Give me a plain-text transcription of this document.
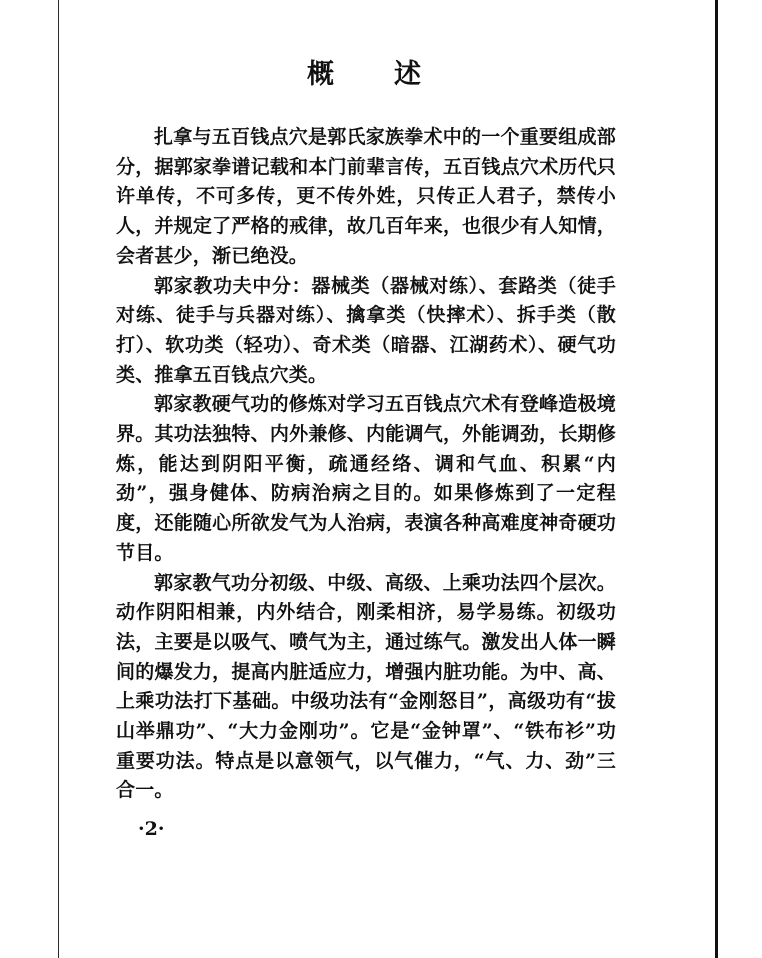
概 述

扎拿与五百钱点穴是郭氏家族拳术中的一个重要组成部分，据郭家拳谱记载和本门前辈言传，五百钱点穴术历代只许单传，不可多传，更不传外姓，只传正人君子，禁传小人，并规定了严格的戒律，故几百年来，也很少有人知情，会者甚少，渐已绝没。

郭家教功夫中分：器械类（器械对练）、套路类（徒手对练、徒手与兵器对练）、擒拿类（快摔术）、拆手类（散打）、软功类（轻功）、奇术类（暗器、江湖药术）、硬气功类、推拿五百钱点穴类。

郭家教硬气功的修炼对学习五百钱点穴术有登峰造极境界。其功法独特、内外兼修、内能调气，外能调劲，长期修炼，能达到阴阳平衡，疏通经络、调和气血、积累“内劲”，强身健体、防病治病之目的。如果修炼到了一定程度，还能随心所欲发气为人治病，表演各种高难度神奇硬功节目。

郭家教气功分初级、中级、高级、上乘功法四个层次。动作阴阳相兼，内外结合，刚柔相济，易学易练。初级功法，主要是以吸气、喷气为主，通过练气。激发出人体一瞬间的爆发力，提高内脏适应力，增强内脏功能。为中、高、上乘功法打下基础。中级功法有“金刚怒目”，高级功有“拔山举鼎功”、“大力金刚功”。它是“金钟罩”、“铁布衫”功重要功法。特点是以意领气，以气催力，“气、力、劲”三合一。

·2·
